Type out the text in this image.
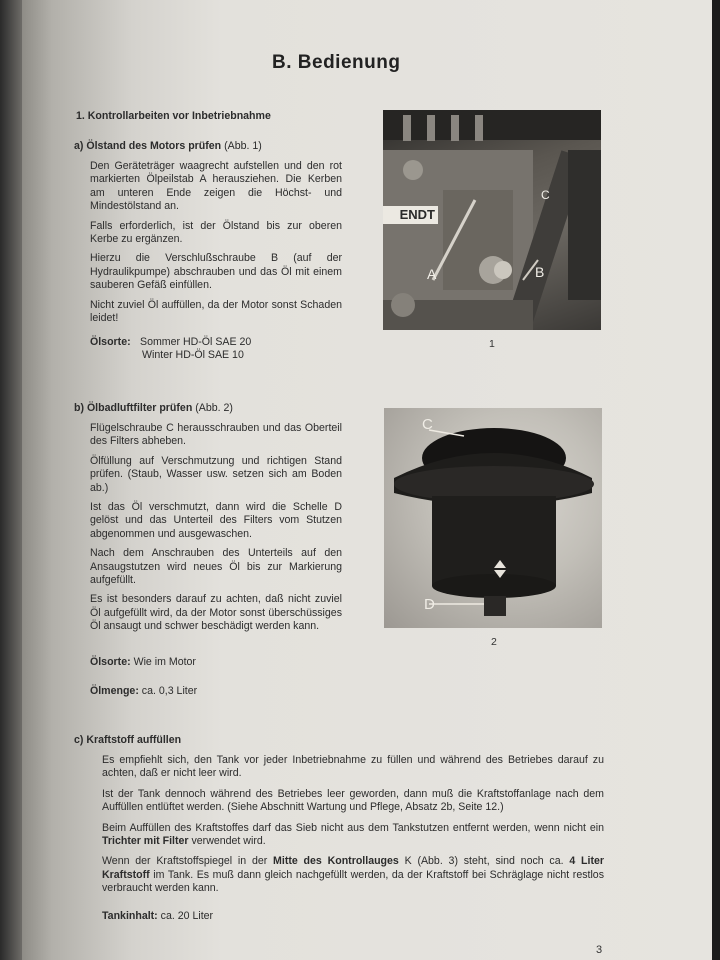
B. Bedienung
1. Kontrollarbeiten vor Inbetriebnahme
a) Ölstand des Motors prüfen (Abb. 1)

Den Geräteträger waagrecht aufstellen und den rot markierten Ölpeilstab A herausziehen. Die Kerben am unteren Ende zeigen die Höchst- und Mindestölstand an.

Falls erforderlich, ist der Ölstand bis zur oberen Kerbe zu ergänzen.

Hierzu die Verschlußschraube B (auf der Hydraulikpumpe) abschrauben und das Öl mit einem sauberen Gefäß einfüllen.

Nicht zuviel Öl auffüllen, da der Motor sonst Schaden leidet!

Ölsorte: Sommer HD-Öl SAE 20
Winter HD-Öl SAE 10
ENDT
A	B
C
1
b) Ölbadluftfilter prüfen (Abb. 2)

Flügelschraube C herausschrauben und das Oberteil des Filters abheben.

Ölfüllung auf Verschmutzung und richtigen Stand prüfen. (Staub, Wasser usw. setzen sich am Boden ab.)

Ist das Öl verschmutzt, dann wird die Schelle D gelöst und das Unterteil des Filters vom Stutzen abgenommen und ausgewaschen.

Nach dem Anschrauben des Unterteils auf den Ansaugstutzen wird neues Öl bis zur Markierung aufgefüllt.

Es ist besonders darauf zu achten, daß nicht zuviel Öl aufgefüllt wird, da der Motor sonst überschüssiges Öl ansaugt und schwer beschädigt werden kann.

Ölsorte: Wie im Motor
Ölmenge: ca. 0,3 Liter
C
D
2
c) Kraftstoff auffüllen

Es empfiehlt sich, den Tank vor jeder Inbetriebnahme zu füllen und während des Betriebes darauf zu achten, daß er nicht leer wird.

Ist der Tank dennoch während des Betriebes leer geworden, dann muß die Kraftstoffanlage nach dem Auffüllen entlüftet werden. (Siehe Abschnitt Wartung und Pflege, Absatz 2b, Seite 12.)

Beim Auffüllen des Kraftstoffes darf das Sieb nicht aus dem Tankstutzen entfernt werden, wenn nicht ein Trichter mit Filter verwendet wird.

Wenn der Kraftstoffspiegel in der Mitte des Kontrollauges K (Abb. 3) steht, sind noch ca. 4 Liter Kraftstoff im Tank. Es muß dann gleich nachgefüllt werden, da der Kraftstoff bei Schräglage nicht restlos verbraucht werden kann.

Tankinhalt: ca. 20 Liter
3
